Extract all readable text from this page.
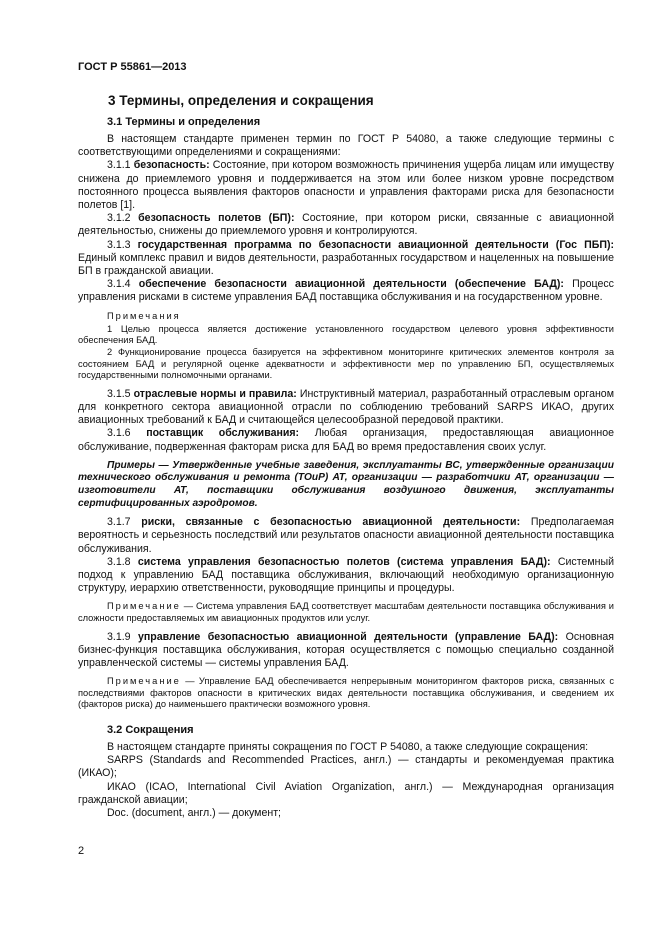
ГОСТ Р 55861—2013
3 Термины, определения и сокращения
3.1 Термины и определения

В настоящем стандарте применен термин по ГОСТ Р 54080, а также следующие термины с соответствующими определениями и сокращениями:

3.1.1 безопасность: Состояние, при котором возможность причинения ущерба лицам или имуществу снижена до приемлемого уровня и поддерживается на этом или более низком уровне посредством постоянного процесса выявления факторов опасности и управления факторами риска для безопасности полетов [1].

3.1.2 безопасность полетов (БП): Состояние, при котором риски, связанные с авиационной деятельностью, снижены до приемлемого уровня и контролируются.

3.1.3 государственная программа по безопасности авиационной деятельности (Гос ПБП): Единый комплекс правил и видов деятельности, разработанных государством и нацеленных на повышение БП в гражданской авиации.

3.1.4 обеспечение безопасности авиационной деятельности (обеспечение БАД): Процесс управления рисками в системе управления БАД поставщика обслуживания и на государственном уровне.

Примечания

1 Целью процесса является достижение установленного государством целевого уровня эффективности обеспечения БАД.

2 Функционирование процесса базируется на эффективном мониторинге критических элементов контроля за состоянием БАД и регулярной оценке адекватности и эффективности мер по управлению БП, осуществляемых государственными полномочными органами.

3.1.5 отраслевые нормы и правила: Инструктивный материал, разработанный отраслевым органом для конкретного сектора авиационной отрасли по соблюдению требований SARPS ИКАО, других авиационных требований к БАД и считающейся целесообразной передовой практики.

3.1.6 поставщик обслуживания: Любая организация, предоставляющая авиационное обслуживание, подверженная факторам риска для БАД во время предоставления своих услуг.

Примеры — Утвержденные учебные заведения, эксплуатанты ВС, утвержденные организации технического обслуживания и ремонта (ТОиР) АТ, организации — разработчики АТ, организации — изготовители АТ, поставщики обслуживания воздушного движения, эксплуатанты сертифицированных аэродромов.

3.1.7 риски, связанные с безопасностью авиационной деятельности: Предполагаемая вероятность и серьезность последствий или результатов опасности авиационной деятельности поставщика обслуживания.

3.1.8 система управления безопасностью полетов (система управления БАД): Системный подход к управлению БАД поставщика обслуживания, включающий необходимую организационную структуру, иерархию ответственности, руководящие принципы и процедуры.

Примечание — Система управления БАД соответствует масштабам деятельности поставщика обслуживания и сложности предоставляемых им авиационных продуктов или услуг.

3.1.9 управление безопасностью авиационной деятельности (управление БАД): Основная бизнес-функция поставщика обслуживания, которая осуществляется с помощью специально созданной управленческой системы — системы управления БАД.

Примечание — Управление БАД обеспечивается непрерывным мониторингом факторов риска, связанных с последствиями факторов опасности в критических видах деятельности поставщика обслуживания, и сведением их (факторов риска) до наименьшего практически возможного уровня.

3.2 Сокращения

В настоящем стандарте приняты сокращения по ГОСТ Р 54080, а также следующие сокращения:

SARPS (Standards and Recommended Practices, англ.) — стандарты и рекомендуемая практика (ИКАО);

ИКАО (ICAO, International Civil Aviation Organization, англ.) — Международная организация гражданской авиации;

Doc. (document, англ.) — документ;

2
